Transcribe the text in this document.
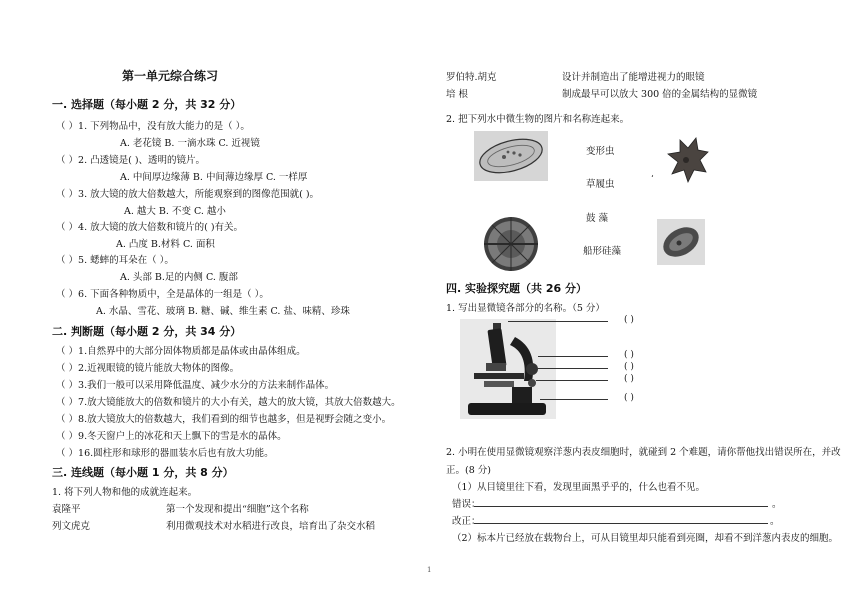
第一单元综合练习
一. 选择题（每小题 2 分，共 32 分）
（ ）1. 下列物品中，没有放大能力的是（ ）。
A. 老花镜 B. 一滴水珠 C. 近视镜
（ ）2. 凸透镜是( )、透明的镜片。
A. 中间厚边缘薄 B. 中间薄边缘厚 C. 一样厚
（ ）3. 放大镜的放大倍数越大，所能观察到的图像范围就( )。
A. 越大 B. 不变 C. 越小
（ ）4. 放大镜的放大倍数和镜片的( )有关。
A. 凸度 B.材料 C. 面积
（ ）5. 蟋蟀的耳朵在（ ）。
A. 头部 B.足的内侧 C. 腹部
（ ）6. 下面各种物质中，全是晶体的一组是（ ）。
A. 水晶、雪花、玻璃 B. 糖、碱、维生素 C. 盐、味精、珍珠
二. 判断题（每小题 2 分，共 34 分）
（ ）1.自然界中的大部分固体物质都是晶体或由晶体组成。
（ ）2.近视眼镜的镜片能放大物体的图像。
（ ）3.我们一般可以采用降低温度、减少水分的方法来制作晶体。
（ ）7.放大镜能放大的倍数和镜片的大小有关，越大的放大镜，其放大倍数越大。
（ ）8.放大镜放大的倍数越大，我们看到的细节也越多，但是视野会随之变小。
（ ）9.冬天窗户上的冰花和天上飘下的雪是水的晶体。
（ ）16.圆柱形和球形的器皿装水后也有放大功能。
三. 连线题（每小题 1 分，共 8 分）
1. 将下列人物和他的成就连起来。
袁隆平	第一个发现和提出“细胞”这个名称
列文虎克	利用微观技术对水稻进行改良，培育出了杂交水稻
罗伯特.胡克	设计并制造出了能增进视力的眼镜
培 根	制成最早可以放大 300 倍的金属结构的显微镜
2. 把下列水中微生物的图片和名称连起来。
‘
变形虫
草履虫
鼓 藻
船形硅藻
四. 实验探究题（共 26 分）
1. 写出显微镜各部分的名称。（5 分）
( )
( )
( )
( )
( )
2. 小明在使用显微镜观察洋葱内表皮细胞时，就碰到 2 个难题，请你帮他找出错误所在，并改
正。(8 分)
（1）从目镜里往下看，发现里面黑乎乎的，什么也看不见。
错误：	。
改正：	。
（2）标本片已经放在载物台上，可从目镜里却只能看到亮圈，却看不到洋葱内表皮的细胞。
1
